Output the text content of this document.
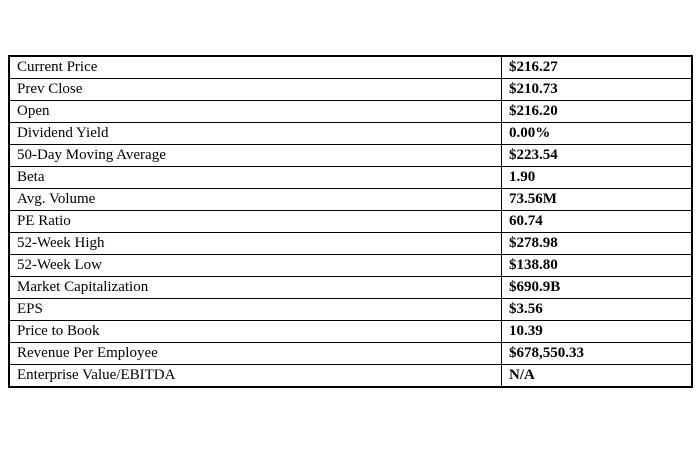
Current Price	$216.27
Prev Close	$210.73
Open	$216.20
Dividend Yield	0.00%
50-Day Moving Average	$223.54
Beta	1.90
Avg. Volume	73.56M
PE Ratio	60.74
52-Week High	$278.98
52-Week Low	$138.80
Market Capitalization	$690.9B
EPS	$3.56
Price to Book	10.39
Revenue Per Employee	$678,550.33
Enterprise Value/EBITDA	N/A
